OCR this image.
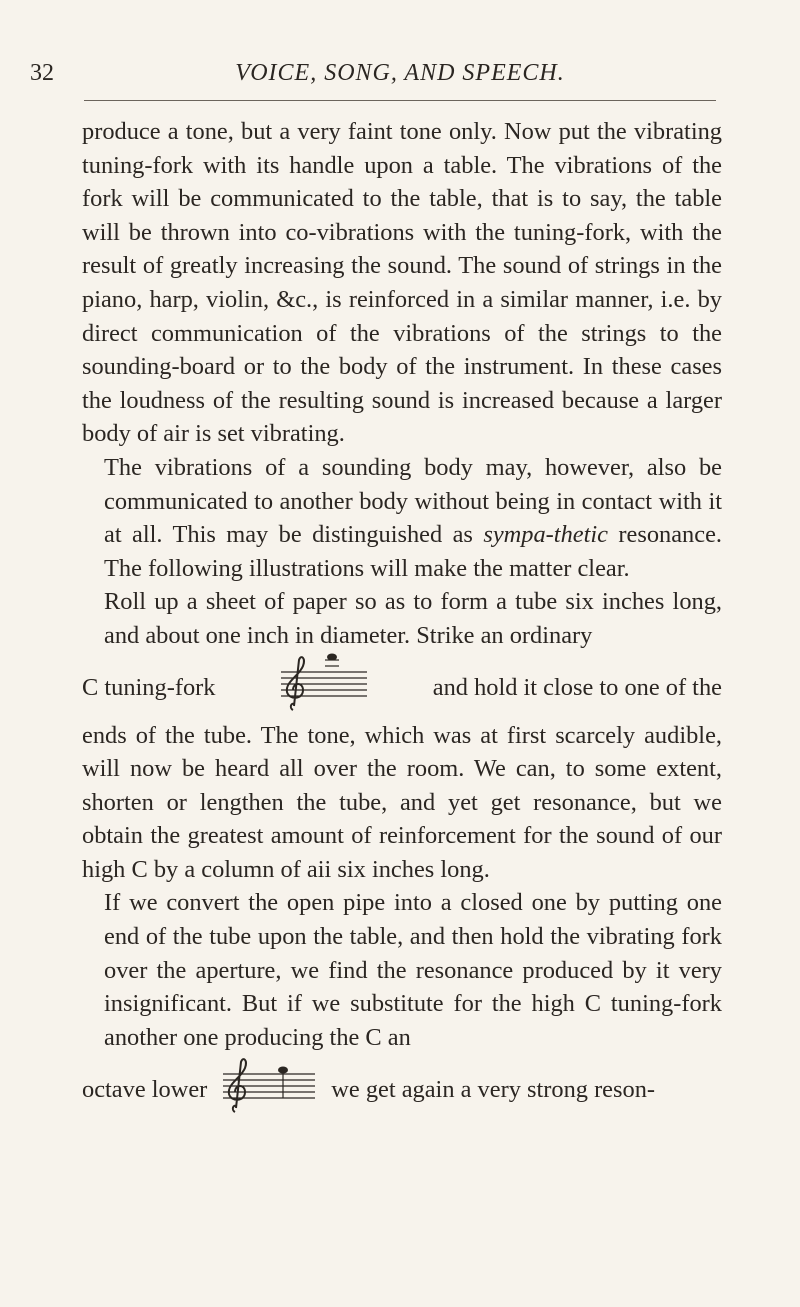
32	VOICE, SONG, AND SPEECH.

produce a tone, but a very faint tone only. Now put the vibrating tuning-fork with its handle upon a table. The vibrations of the fork will be communicated to the table, that is to say, the table will be thrown into co-vibrations with the tuning-fork, with the result of greatly increasing the sound. The sound of strings in the piano, harp, violin, &c., is reinforced in a similar manner, i.e. by direct communication of the vibrations of the strings to the sounding-board or to the body of the instrument. In these cases the loudness of the resulting sound is increased because a larger body of air is set vibrating.

The vibrations of a sounding body may, however, also be communicated to another body without being in contact with it at all. This may be distinguished as sympa-thetic resonance. The following illustrations will make the matter clear.

Roll up a sheet of paper so as to form a tube six inches long, and about one inch in diameter. Strike an ordinary

C tuning-fork	and hold it close to one of the

ends of the tube. The tone, which was at first scarcely audible, will now be heard all over the room. We can, to some extent, shorten or lengthen the tube, and yet get resonance, but we obtain the greatest amount of reinforcement for the sound of our high C by a column of aii six inches long.

If we convert the open pipe into a closed one by putting one end of the tube upon the table, and then hold the vibrating fork over the aperture, we find the resonance produced by it very insignificant. But if we substitute for the high C tuning-fork another one producing the C an

octave lower	we get again a very strong reson-
